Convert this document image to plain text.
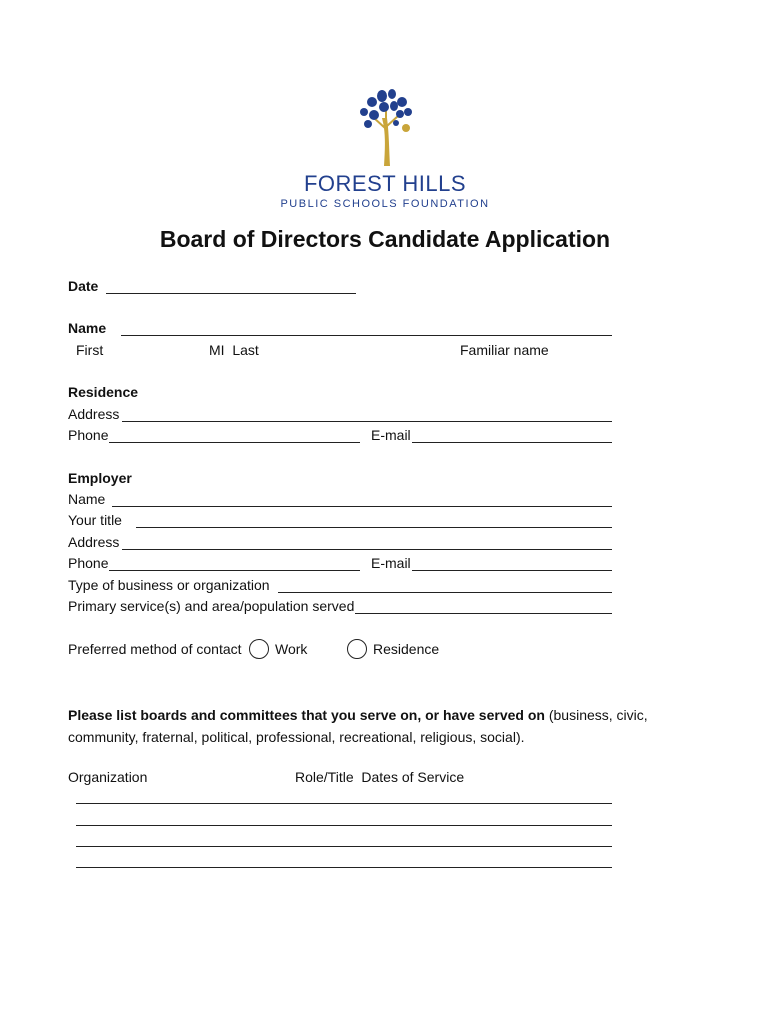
FOREST HILLS
PUBLIC SCHOOLS FOUNDATION
Board of Directors Candidate Application
Date
Name
First	MI  Last	Familiar name
Residence
Address
Phone	E-mail
Employer
Name
Your title
Address
Phone	E-mail
Type of business or organization
Primary service(s) and area/population served
Preferred method of contact Work	Residence
Please list boards and committees that you serve on, or have served on (business, civic, community, fraternal, political, professional, recreational, religious, social).
Organization	Role/Title  Dates of Service
